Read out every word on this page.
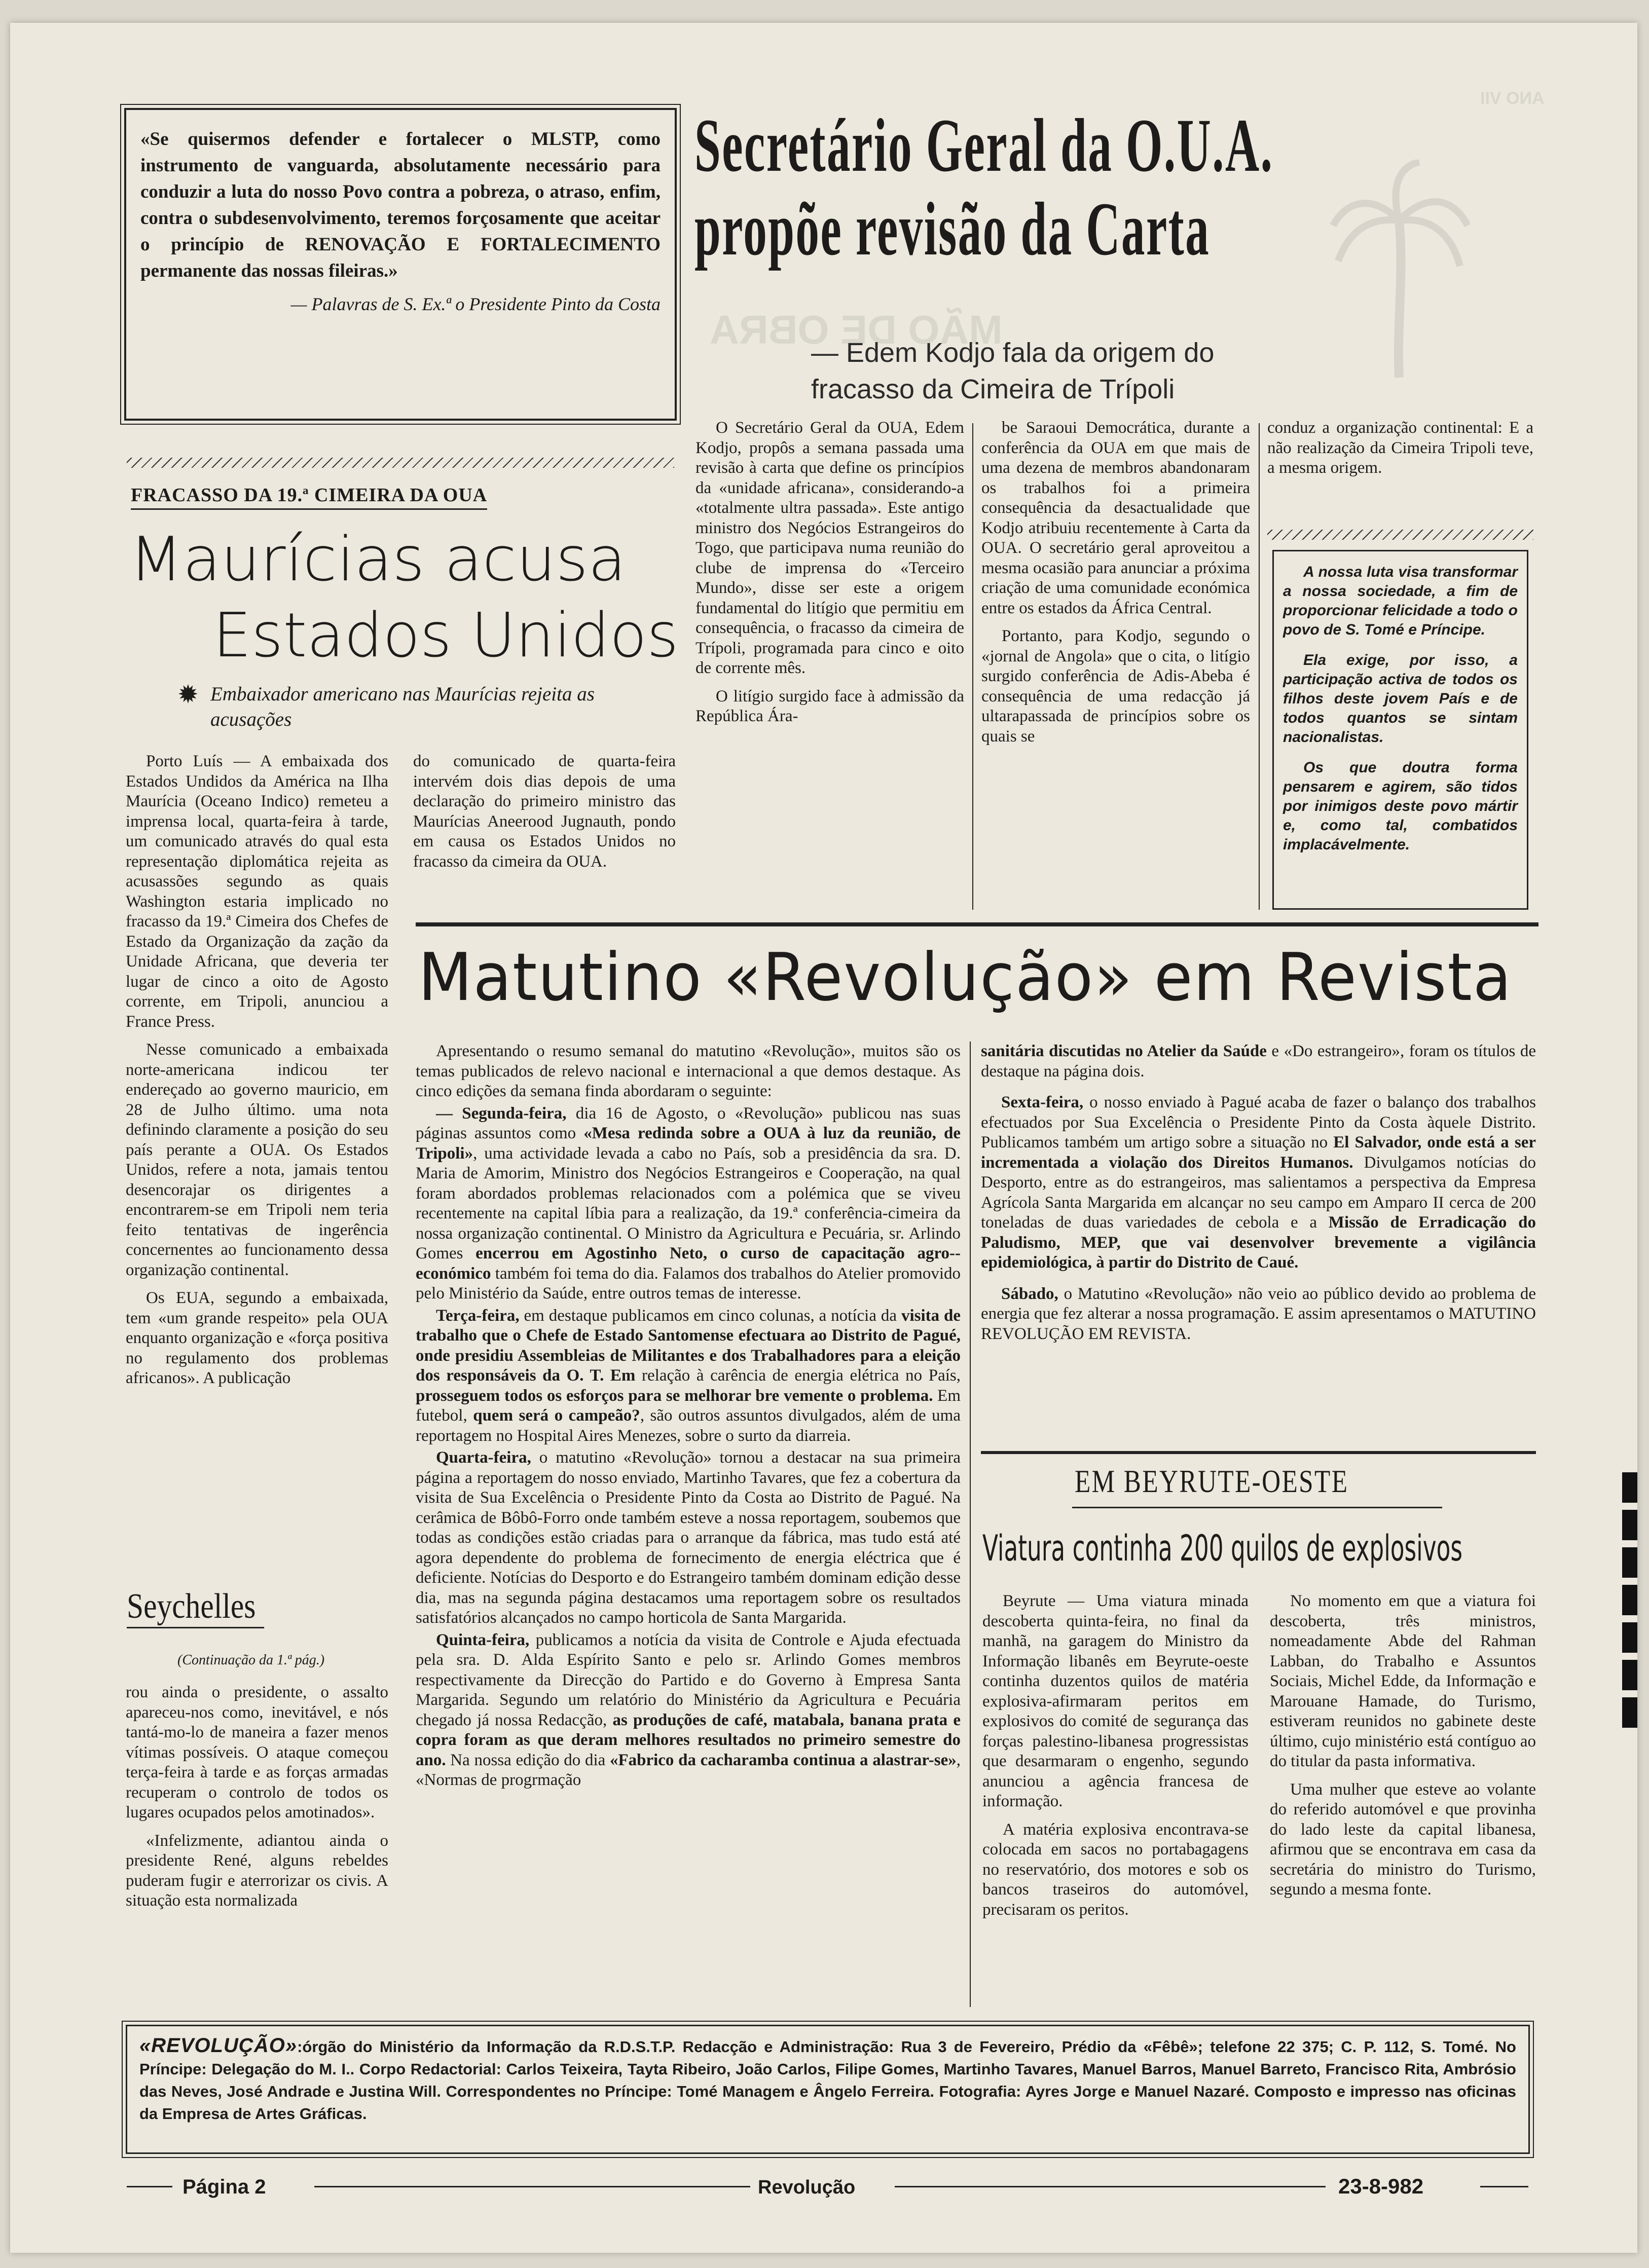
MÃO DE OBRA
ANO VII
«Se quisermos defender e fortalecer o MLSTP, como instrumento de vanguarda, absolutamente necessário para conduzir a luta do nosso Povo contra a pobreza, o atraso, enfim, contra o subdesenvolvimento, teremos forçosamente que aceitar o princípio de RENOVAÇÃO E FORTALECIMENTO permanente das nossas fileiras.»
— Palavras de S. Ex.ª o Presidente Pinto da Costa
Secretário Geral da O.U.A.
propõe revisão da Carta
— Edem Kodjo fala da origem do fracasso da Cimeira de Trípoli

O Secretário Geral da OUA, Edem Kodjo, propôs a semana passada uma revisão à carta que define os princípios da «unidade africana», considerando-a «totalmente ultra passada». Este antigo ministro dos Negócios Estrangeiros do Togo, que participava numa reunião do clube de imprensa do «Terceiro Mundo», disse ser este a origem fundamental do litígio que permitiu em consequência, o fracasso da cimeira de Trípoli, programada para cinco e oito de corrente mês.

O litígio surgido face à admissão da República Ára-

be Saraoui Democrática, durante a conferência da OUA em que mais de uma dezena de membros abandonaram os trabalhos foi a primeira consequência da desactualidade que Kodjo atribuiu recentemente à Carta da OUA. O secretário geral aproveitou a mesma ocasião para anunciar a próxima criação de uma comunidade económica entre os estados da África Central.

Portanto, para Kodjo, segundo o «jornal de Angola» que o cita, o litígio surgido conferência de Adis-Abeba é consequência de uma redacção já ultarapassada de princípios sobre os quais se

conduz a organização continental: E a não realização da Cimeira Tripoli teve, a mesma origem.

A nossa luta visa transformar a nossa sociedade, a fim de proporcionar felicidade a todo o povo de S. Tomé e Príncipe.

Ela exige, por isso, a participação activa de todos os filhos deste jovem País e de todos quantos se sintam nacionalistas.

Os que doutra forma pensarem e agirem, são tidos por inimigos deste povo mártir e, como tal, combatidos implacávelmente.

FRACASSO DA 19.ª CIMEIRA DA OUA
Maurícias acusa
Estados Unidos
✹ Embaixador americano nas Maurícias rejeita as acusações

Porto Luís — A embaixada dos Estados Undidos da América na Ilha Maurícia (Oceano Indico) remeteu a imprensa local, quarta-feira à tarde, um comunicado através do qual esta representação diplomática rejeita as acusassões segundo as quais Washington estaria implicado no fracasso da 19.ª Cimeira dos Chefes de Estado da Organização da zação da Unidade Africana, que deveria ter lugar de cinco a oito de Agosto corrente, em Tripoli, anunciou a France Press.

Nesse comunicado a embaixada norte-americana indicou ter endereçado ao governo mauricio, em 28 de Julho último. uma nota definindo claramente a posição do seu país perante a OUA. Os Estados Unidos, refere a nota, jamais tentou desencorajar os dirigentes a encontrarem-se em Tripoli nem teria feito tentativas de ingerência concernentes ao funcionamento dessa organização continental.

Os EUA, segundo a embaixada, tem «um grande respeito» pela OUA enquanto organização e «força positiva no regulamento dos problemas africanos». A publicação

do comunicado de quarta-feira intervém dois dias depois de uma declaração do primeiro ministro das Maurícias Aneerood Jugnauth, pondo em causa os Estados Unidos no fracasso da cimeira da OUA.

Seychelles
(Continuação da 1.ª pág.)

rou ainda o presidente, o assalto apareceu-nos como, inevitável, e nós tantá-mo-lo de maneira a fazer menos vítimas possíveis. O ataque começou terça-feira à tarde e as forças armadas recuperam o controlo de todos os lugares ocupados pelos amotinados».

«Infelizmente, adiantou ainda o presidente René, alguns rebeldes puderam fugir e aterrorizar os civis. A situação esta normalizada

Matutino «Revolução» em Revista

Apresentando o resumo semanal do matutino «Revolução», muitos são os temas publicados de relevo nacional e internacional a que demos destaque. As cinco edições da semana finda abordaram o seguinte:

— Segunda-feira, dia 16 de Agosto, o «Revolução» publicou nas suas páginas assuntos como «Mesa redinda sobre a OUA à luz da reunião, de Tripoli», uma actividade levada a cabo no País, sob a presidência da sra. D. Maria de Amorim, Ministro dos Negócios Estrangeiros e Cooperação, na qual foram abordados problemas relacionados com a polémica que se viveu recentemente na capital líbia para a realização, da 19.ª conferência-cimeira da nossa organização continental. O Ministro da Agricultura e Pecuária, sr. Arlindo Gomes encerrou em Agostinho Neto, o curso de capacitação agro--económico também foi tema do dia. Falamos dos trabalhos do Atelier promovido pelo Ministério da Saúde, entre outros temas de interesse.

Terça-feira, em destaque publicamos em cinco colunas, a notícia da visita de trabalho que o Chefe de Estado Santomense efectuara ao Distrito de Pagué, onde presidiu Assembleias de Militantes e dos Trabalhadores para a eleição dos responsáveis da O. T. Em relação à carência de energia elétrica no País, prosseguem todos os esforços para se melhorar bre vemente o problema. Em futebol, quem será o campeão?, são outros assuntos divulgados, além de uma reportagem no Hospital Aires Menezes, sobre o surto da diarreia.

Quarta-feira, o matutino «Revolução» tornou a destacar na sua primeira página a reportagem do nosso enviado, Martinho Tavares, que fez a cobertura da visita de Sua Excelência o Presidente Pinto da Costa ao Distrito de Pagué. Na cerâmica de Bôbô-Forro onde também esteve a nossa reportagem, soubemos que todas as condições estão criadas para o arranque da fábrica, mas tudo está até agora dependente do problema de fornecimento de energia eléctrica que é deficiente. Notícias do Desporto e do Estrangeiro também dominam edição desse dia, mas na segunda página destacamos uma reportagem sobre os resultados satisfatórios alcançados no campo horticola de Santa Margarida.

Quinta-feira, publicamos a notícia da visita de Controle e Ajuda efectuada pela sra. D. Alda Espírito Santo e pelo sr. Arlindo Gomes membros respectivamente da Direcção do Partido e do Governo à Empresa Santa Margarida. Segundo um relatório do Ministério da Agricultura e Pecuária chegado já nossa Redacção, as produções de café, matabala, banana prata e copra foram as que deram melhores resultados no primeiro semestre do ano. Na nossa edição do dia «Fabrico da cacharamba continua a alastrar-se», «Normas de progrmação

sanitária discutidas no Atelier da Saúde e «Do estrangeiro», foram os títulos de destaque na página dois.

Sexta-feira, o nosso enviado à Pagué acaba de fazer o balanço dos trabalhos efectuados por Sua Excelência o Presidente Pinto da Costa àquele Distrito. Publicamos também um artigo sobre a situação no El Salvador, onde está a ser incrementada a violação dos Direitos Humanos. Divulgamos notícias do Desporto, entre as do estrangeiros, mas salientamos a perspectiva da Empresa Agrícola Santa Margarida em alcançar no seu campo em Amparo II cerca de 200 toneladas de duas variedades de cebola e a Missão de Erradicação do Paludismo, MEP, que vai desenvolver brevemente a vigilância epidemiológica, à partir do Distrito de Caué.

Sábado, o Matutino «Revolução» não veio ao público devido ao problema de energia que fez alterar a nossa programação. E assim apresentamos o MATUTINO REVOLUÇÃO EM REVISTA.

EM BEYRUTE-OESTE
Viatura continha 200 quilos de explosivos

Beyrute — Uma viatura minada descoberta quinta-feira, no final da manhã, na garagem do Ministro da Informação libanês em Beyrute-oeste continha duzentos quilos de matéria explosiva-afirmaram peritos em explosivos do comité de segurança das forças palestino-libanesa progressistas que desarmaram o engenho, segundo anunciou a agência francesa de informação.

A matéria explosiva encontrava-se colocada em sacos no portabagagens no reservatório, dos motores e sob os bancos traseiros do automóvel, precisaram os peritos.

No momento em que a viatura foi descoberta, três ministros, nomeadamente Abde del Rahman Labban, do Trabalho e Assuntos Sociais, Michel Edde, da Informação e Marouane Hamade, do Turismo, estiveram reunidos no gabinete deste último, cujo ministério está contíguo ao do titular da pasta informativa.

Uma mulher que esteve ao volante do referido automóvel e que provinha do lado leste da capital libanesa, afirmou que se encontrava em casa da secretária do ministro do Turismo, segundo a mesma fonte.

«REVOLUÇÃO»:órgão do Ministério da Informação da R.D.S.T.P. Redacção e Administração: Rua 3 de Fevereiro, Prédio da «Fêbê»; telefone 22 375; C. P. 112, S. Tomé. No Príncipe: Delegação do M. I.. Corpo Redactorial: Carlos Teixeira, Tayta Ribeiro, João Carlos, Filipe Gomes, Martinho Tavares, Manuel Barros, Manuel Barreto, Francisco Rita, Ambrósio das Neves, José Andrade e Justina Will. Correspondentes no Príncipe: Tomé Managem e Ângelo Ferreira. Fotografia: Ayres Jorge e Manuel Nazaré. Composto e impresso nas oficinas da Empresa de Artes Gráficas.
Página 2	Revolução	23-8-982
